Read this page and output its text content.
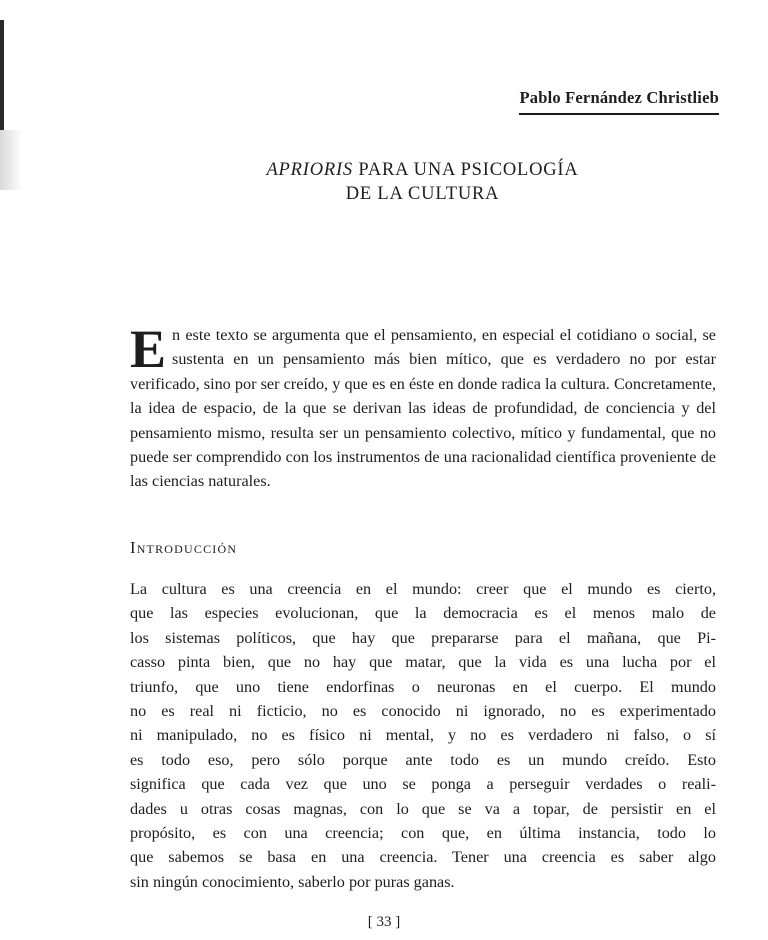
Pablo Fernández Christlieb
APRIORIS PARA UNA PSICOLOGÍA
DE LA CULTURA
En este texto se argumenta que el pensamiento, en especial el cotidiano o social, se sustenta en un pensamiento más bien mítico, que es verdadero no por estar verificado, sino por ser creído, y que es en éste en donde radica la cultura. Concretamente, la idea de espacio, de la que se derivan las ideas de profundidad, de conciencia y del pensamiento mismo, resulta ser un pensamiento colectivo, mítico y fundamental, que no puede ser comprendido con los instrumentos de una racionalidad científica proveniente de las ciencias naturales.
Introducción
La cultura es una creencia en el mundo: creer que el mundo es cierto,
que las especies evolucionan, que la democracia es el menos malo de
los sistemas políticos, que hay que prepararse para el mañana, que Pi-
casso pinta bien, que no hay que matar, que la vida es una lucha por el
triunfo, que uno tiene endorfinas o neuronas en el cuerpo. El mundo
no es real ni ficticio, no es conocido ni ignorado, no es experimentado
ni manipulado, no es físico ni mental, y no es verdadero ni falso, o sí
es todo eso, pero sólo porque ante todo es un mundo creído. Esto
significa que cada vez que uno se ponga a perseguir verdades o reali-
dades u otras cosas magnas, con lo que se va a topar, de persistir en el
propósito, es con una creencia; con que, en última instancia, todo lo
que sabemos se basa en una creencia. Tener una creencia es saber algo
sin ningún conocimiento, saberlo por puras ganas.
[ 33 ]
